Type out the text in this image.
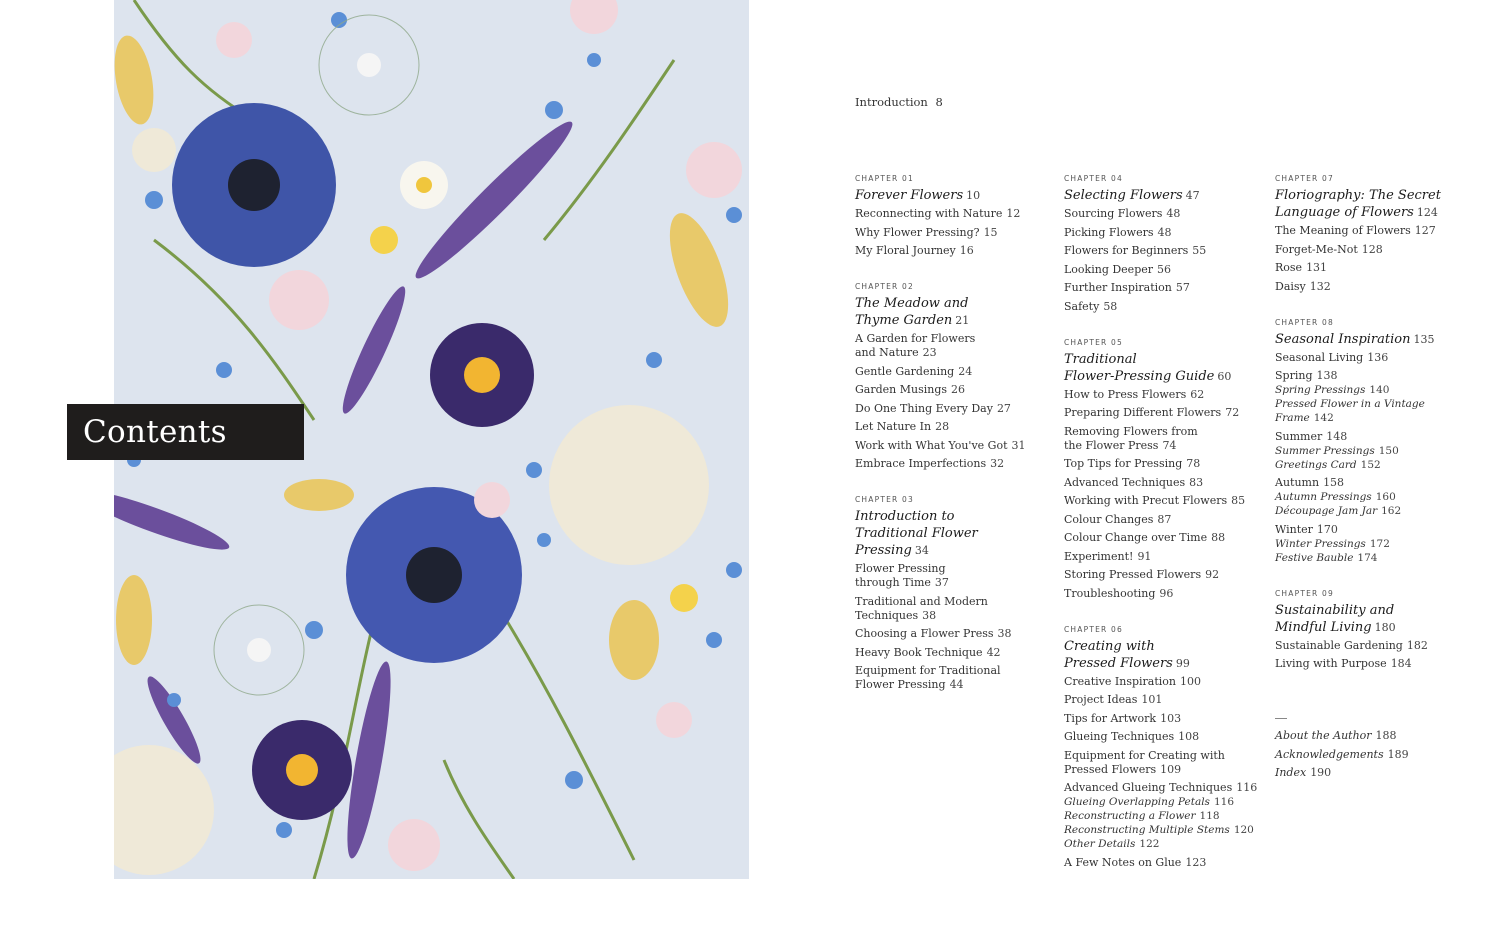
Contents
Introduction 8
CHAPTER 01
Forever Flowers 10
Reconnecting with Nature 12
Why Flower Pressing? 15
My Floral Journey 16
CHAPTER 02
The Meadow and
Thyme Garden 21
A Garden for Flowers
and Nature 23
Gentle Gardening 24
Garden Musings 26
Do One Thing Every Day 27
Let Nature In 28
Work with What You've Got 31
Embrace Imperfections 32
CHAPTER 03
Introduction to
Traditional Flower
Pressing 34
Flower Pressing
through Time 37
Traditional and Modern
Techniques 38
Choosing a Flower Press 38
Heavy Book Technique 42
Equipment for Traditional
Flower Pressing 44
CHAPTER 04
Selecting Flowers 47
Sourcing Flowers 48
Picking Flowers 48
Flowers for Beginners 55
Looking Deeper 56
Further Inspiration 57
Safety 58
CHAPTER 05
Traditional
Flower-Pressing Guide 60
How to Press Flowers 62
Preparing Different Flowers 72
Removing Flowers from
the Flower Press 74
Top Tips for Pressing 78
Advanced Techniques 83
Working with Precut Flowers 85
Colour Changes 87
Colour Change over Time 88
Experiment! 91
Storing Pressed Flowers 92
Troubleshooting 96
CHAPTER 06
Creating with
Pressed Flowers 99
Creative Inspiration 100
Project Ideas 101
Tips for Artwork 103
Glueing Techniques 108
Equipment for Creating with
Pressed Flowers 109
Advanced Glueing Techniques 116
Glueing Overlapping Petals 116
Reconstructing a Flower 118
Reconstructing Multiple Stems 120
Other Details 122
A Few Notes on Glue 123
CHAPTER 07
Floriography: The Secret
Language of Flowers 124
The Meaning of Flowers 127
Forget-Me-Not 128
Rose 131
Daisy 132
CHAPTER 08
Seasonal Inspiration 135
Seasonal Living 136
Spring 138
Spring Pressings 140
Pressed Flower in a Vintage Frame 142
Summer 148
Summer Pressings 150
Greetings Card 152
Autumn 158
Autumn Pressings 160
Découpage Jam Jar 162
Winter 170
Winter Pressings 172
Festive Bauble 174
CHAPTER 09
Sustainability and
Mindful Living 180
Sustainable Gardening 182
Living with Purpose 184
About the Author 188
Acknowledgements 189
Index 190
